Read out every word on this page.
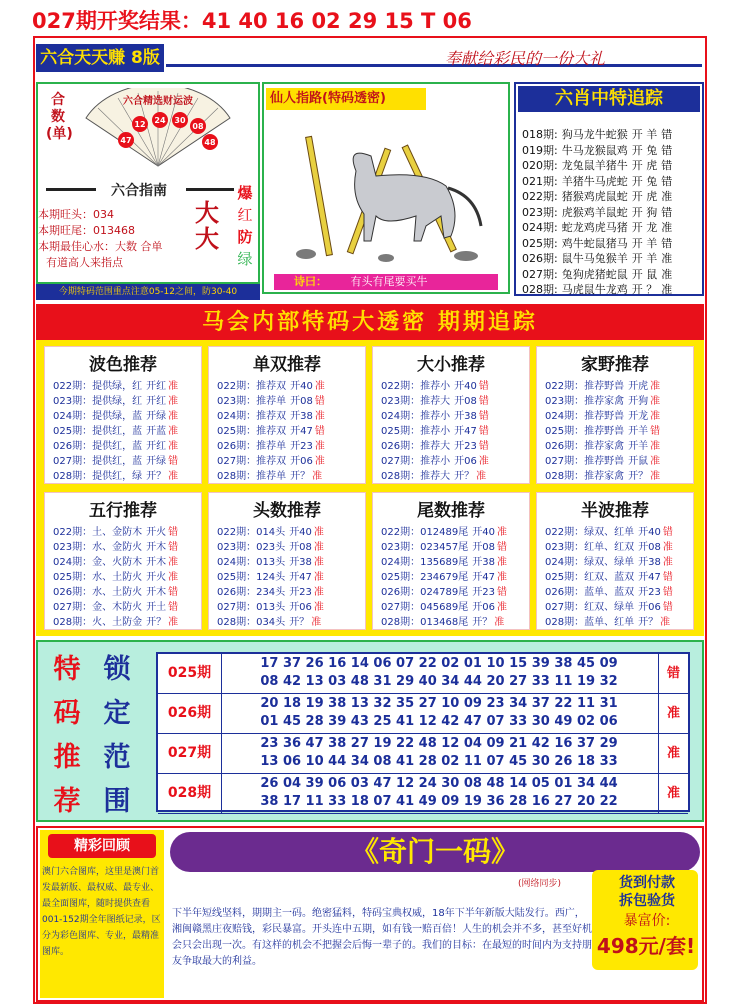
027期开奖结果：41 40 16 02 29 15 T 06
六合天天赚 8版	奉献给彩民的一份大礼
合数(单)
六合精选财运波
12 24 30
08
47	48
六合指南
本期旺头：034
本期旺尾：013468
本期最佳心水：大数 合单
有道高人来指点
大大
爆
红
防
绿
今期特码范围重点注意05-12之间，防30-40
仙人指路(特码透密)
诗曰： 有头有尾要买牛
六肖中特追踪
018期: 狗马龙牛蛇猴 开 羊 错
019期: 牛马龙猴鼠鸡 开 兔 错
020期: 龙兔鼠羊猪牛 开 虎 错
021期: 羊猪牛马虎蛇 开 兔 错
022期: 猪猴鸡虎鼠蛇 开 虎 准
023期: 虎猴鸡羊鼠蛇 开 狗 错
024期: 蛇龙鸡虎马猪 开 龙 准
025期: 鸡牛蛇鼠猪马 开 羊 错
026期: 鼠牛马兔猴羊 开 羊 准
027期: 兔狗虎猪蛇鼠 开 鼠 准
028期: 马虎鼠牛龙鸡 开 ？ 准
马会内部特码大透密 期期追踪
波色推荐
022期：提供绿，红 开红 准
023期：提供绿，红 开红 准
024期：提供绿，蓝 开绿 准
025期：提供红，蓝 开蓝 准
026期：提供红，蓝 开红 准
027期：提供红，蓝 开绿 错
028期：提供红，绿 开？ 准
单双推荐
022期：推荐双 开40 准
023期：推荐单 开08 错
024期：推荐双 开38 准
025期：推荐双 开47 错
026期：推荐单 开23 准
027期：推荐双 开06 准
028期：推荐单 开？ 准
大小推荐
022期：推荐小 开40 错
023期：推荐大 开08 错
024期：推荐小 开38 错
025期：推荐小 开47 错
026期：推荐大 开23 错
027期：推荐小 开06 准
028期：推荐大 开？ 准
家野推荐
022期：推荐野兽 开虎 准
023期：推荐家禽 开狗 准
024期：推荐野兽 开龙 准
025期：推荐野兽 开羊 错
026期：推荐家禽 开羊 准
027期：推荐野兽 开鼠 准
028期：推荐家禽 开？ 准
五行推荐
022期：土、金防木 开火 错
023期：水、金防火 开木 错
024期：金、火防木 开木 准
025期：水、土防火 开火 准
026期：水、土防火 开木 错
027期：金、木防火 开土 错
028期：火、土防金 开？ 准
头数推荐
022期：014头 开40 准
023期：023头 开08 准
024期：013头 开38 准
025期：124头 开47 准
026期：234头 开23 准
027期：013头 开06 准
028期：034头 开？ 准
尾数推荐
022期：012489尾 开40 准
023期：023457尾 开08 错
024期：135689尾 开38 准
025期：234679尾 开47 准
026期：024789尾 开23 错
027期：045689尾 开06 准
028期：013468尾 开？ 准
半波推荐
022期：绿双、红单 开40 错
023期：红单、红双 开08 准
024期：绿双、绿单 开38 准
025期：红双、蓝双 开47 错
026期：蓝单、蓝双 开23 错
027期：红双、绿单 开06 错
028期：蓝单、红单 开？ 准
特
码
推
荐
锁
定
范
围
025期
17 37 26 16 14 06 07 22 02 01 10 15 39 38 45 09
08 42 13 03 48 31 29 40 34 44 20 27 33 11 19 32
错
026期
20 18 19 38 13 32 35 27 10 09 23 34 37 22 11 31
01 45 28 39 43 25 41 12 42 47 07 33 30 49 02 06
准
027期
23 36 47 38 27 19 22 48 12 04 09 21 42 16 37 29
13 06 10 44 34 08 41 28 02 11 07 45 30 26 18 33
准
028期
26 04 39 06 03 47 12 24 30 08 48 14 05 01 34 44
38 17 11 33 18 07 41 49 09 19 36 28 16 27 20 22
准
精彩回顾
澳门六合图库，这里是澳门首发最新版、最权威、最专业、最全面图库，随时提供查看001-152期全年图纸记录，区分为彩色图库、专业，最精准图库。
《奇门一码》
(网络同步)
下半年短线坚料，期期主一码。绝密猛料，特码宝典权威，18年下半年新版大陆发行。西广，湘闽赣黑庄夜赔钱，彩民暴富。开头连中五期，如有钱一赔百倍！人生的机会并不多，甚至好机会只会出现一次。有这样的机会不把握会后悔一辈子的。我们的目标：在最短的时间内为支持朋友争取最大的利益。
货到付款
拆包验货
暴富价:
498元/套!
